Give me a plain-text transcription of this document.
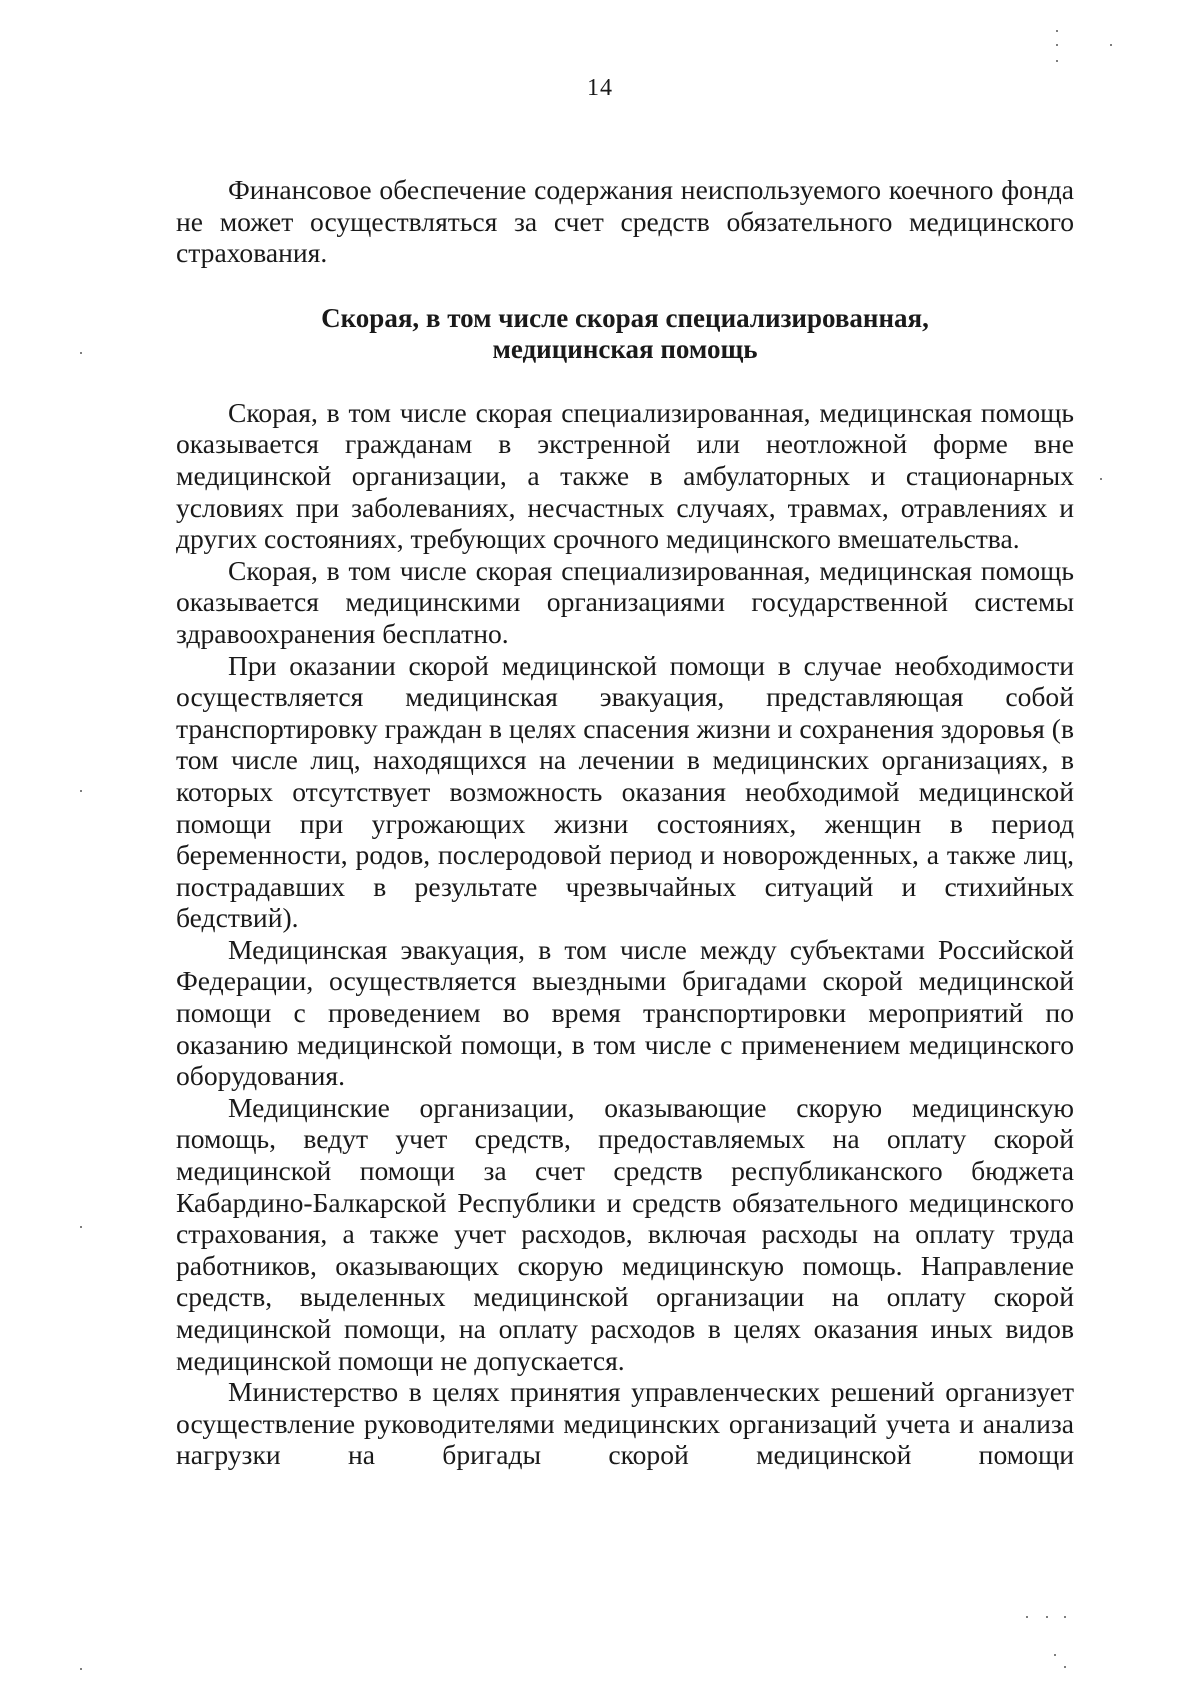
14

Финансовое обеспечение содержания неиспользуемого коечного фонда не может осуществляться за счет средств обязательного медицинского страхования.

Скорая, в том числе скорая специализированная,
медицинская помощь

Скорая, в том числе скорая специализированная, медицинская помощь оказывается гражданам в экстренной или неотложной форме вне медицинской организации, а также в амбулаторных и стационарных условиях при заболеваниях, несчастных случаях, травмах, отравлениях и других состояниях, требующих срочного медицинского вмешательства.

Скорая, в том числе скорая специализированная, медицинская помощь оказывается медицинскими организациями государственной системы здравоохранения бесплатно.

При оказании скорой медицинской помощи в случае необходимости осуществляется медицинская эвакуация, представляющая собой транспортировку граждан в целях спасения жизни и сохранения здоровья (в том числе лиц, находящихся на лечении в медицинских организациях, в которых отсутствует возможность оказания необходимой медицинской помощи при угрожающих жизни состояниях, женщин в период беременности, родов, послеродовой период и новорожденных, а также лиц, пострадавших в результате чрезвычайных ситуаций и стихийных бедствий).

Медицинская эвакуация, в том числе между субъектами Российской Федерации, осуществляется выездными бригадами скорой медицинской помощи с проведением во время транспортировки мероприятий по оказанию медицинской помощи, в том числе с применением медицинского оборудования.

Медицинские организации, оказывающие скорую медицинскую помощь, ведут учет средств, предоставляемых на оплату скорой медицинской помощи за счет средств республиканского бюджета Кабардино-Балкарской Республики и средств обязательного медицинского страхования, а также учет расходов, включая расходы на оплату труда работников, оказывающих скорую медицинскую помощь. Направление средств, выделенных медицинской организации на оплату скорой медицинской помощи, на оплату расходов в целях оказания иных видов медицинской помощи не допускается.

Министерство в целях принятия управленческих решений организует осуществление руководителями медицинских организаций учета и анализа нагрузки на бригады скорой медицинской помощи
